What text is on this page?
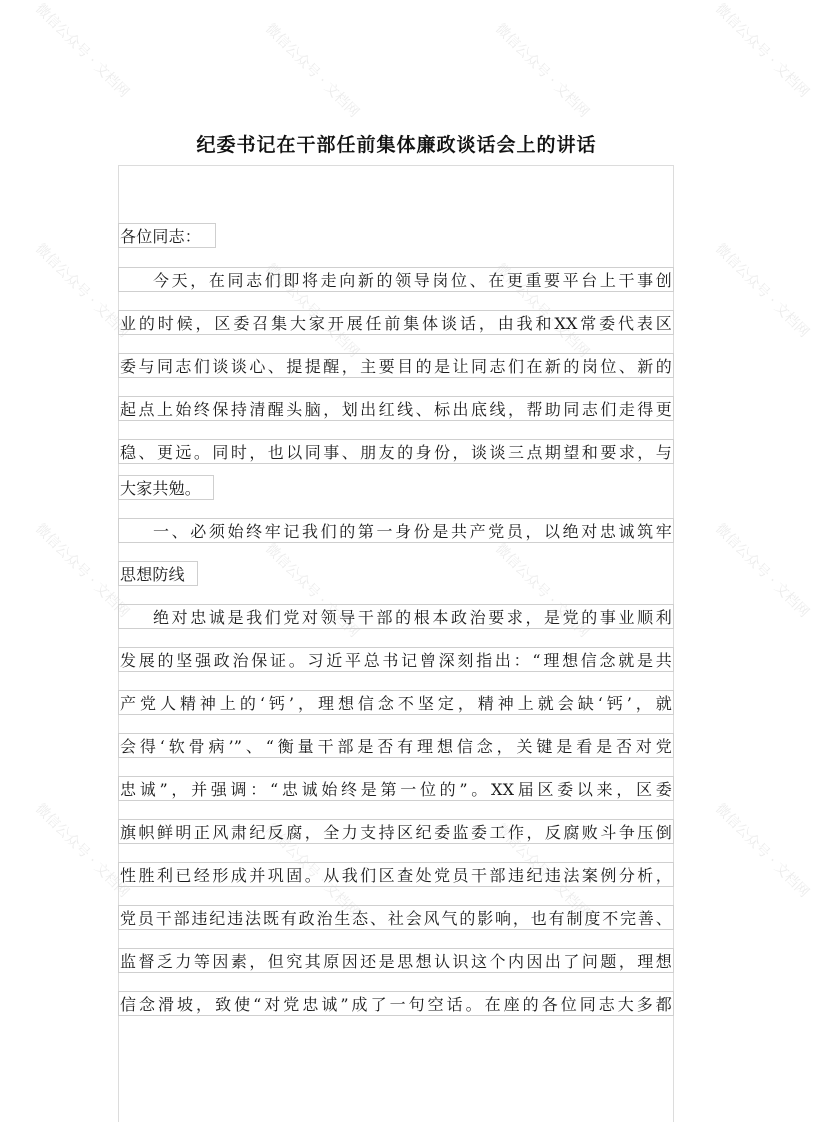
微信公众号 · 文档网	微信公众号 · 文档网	微信公众号 · 文档网	微信公众号 · 文档网
微信公众号 · 文档网	微信公众号 · 文档网	微信公众号 · 文档网	微信公众号 · 文档网
微信公众号 · 文档网	微信公众号 · 文档网	微信公众号 · 文档网	微信公众号 · 文档网
微信公众号 · 文档网	微信公众号 · 文档网	微信公众号 · 文档网	微信公众号 · 文档网
纪委书记在干部任前集体廉政谈话会上的讲话
各位同志：
今天，在同志们即将走向新的领导岗位、在更重要平台上干事创
业的时候，区委召集大家开展任前集体谈话，由我和XX常委代表区
委与同志们谈谈心、提提醒，主要目的是让同志们在新的岗位、新的
起点上始终保持清醒头脑，划出红线、标出底线，帮助同志们走得更
稳、更远。同时，也以同事、朋友的身份，谈谈三点期望和要求，与
大家共勉。
一、必须始终牢记我们的第一身份是共产党员，以绝对忠诚筑牢
思想防线
绝对忠诚是我们党对领导干部的根本政治要求，是党的事业顺利
发展的坚强政治保证。习近平总书记曾深刻指出：“理想信念就是共
产党人精神上的‘钙’，理想信念不坚定，精神上就会缺‘钙’，就
会得‘软骨病’”、“衡量干部是否有理想信念，关键是看是否对党
忠诚”，并强调：“忠诚始终是第一位的”。XX届区委以来，区委
旗帜鲜明正风肃纪反腐，全力支持区纪委监委工作，反腐败斗争压倒
性胜利已经形成并巩固。从我们区查处党员干部违纪违法案例分析，
党员干部违纪违法既有政治生态、社会风气的影响，也有制度不完善、
监督乏力等因素，但究其原因还是思想认识这个内因出了问题，理想
信念滑坡，致使“对党忠诚”成了一句空话。在座的各位同志大多都
